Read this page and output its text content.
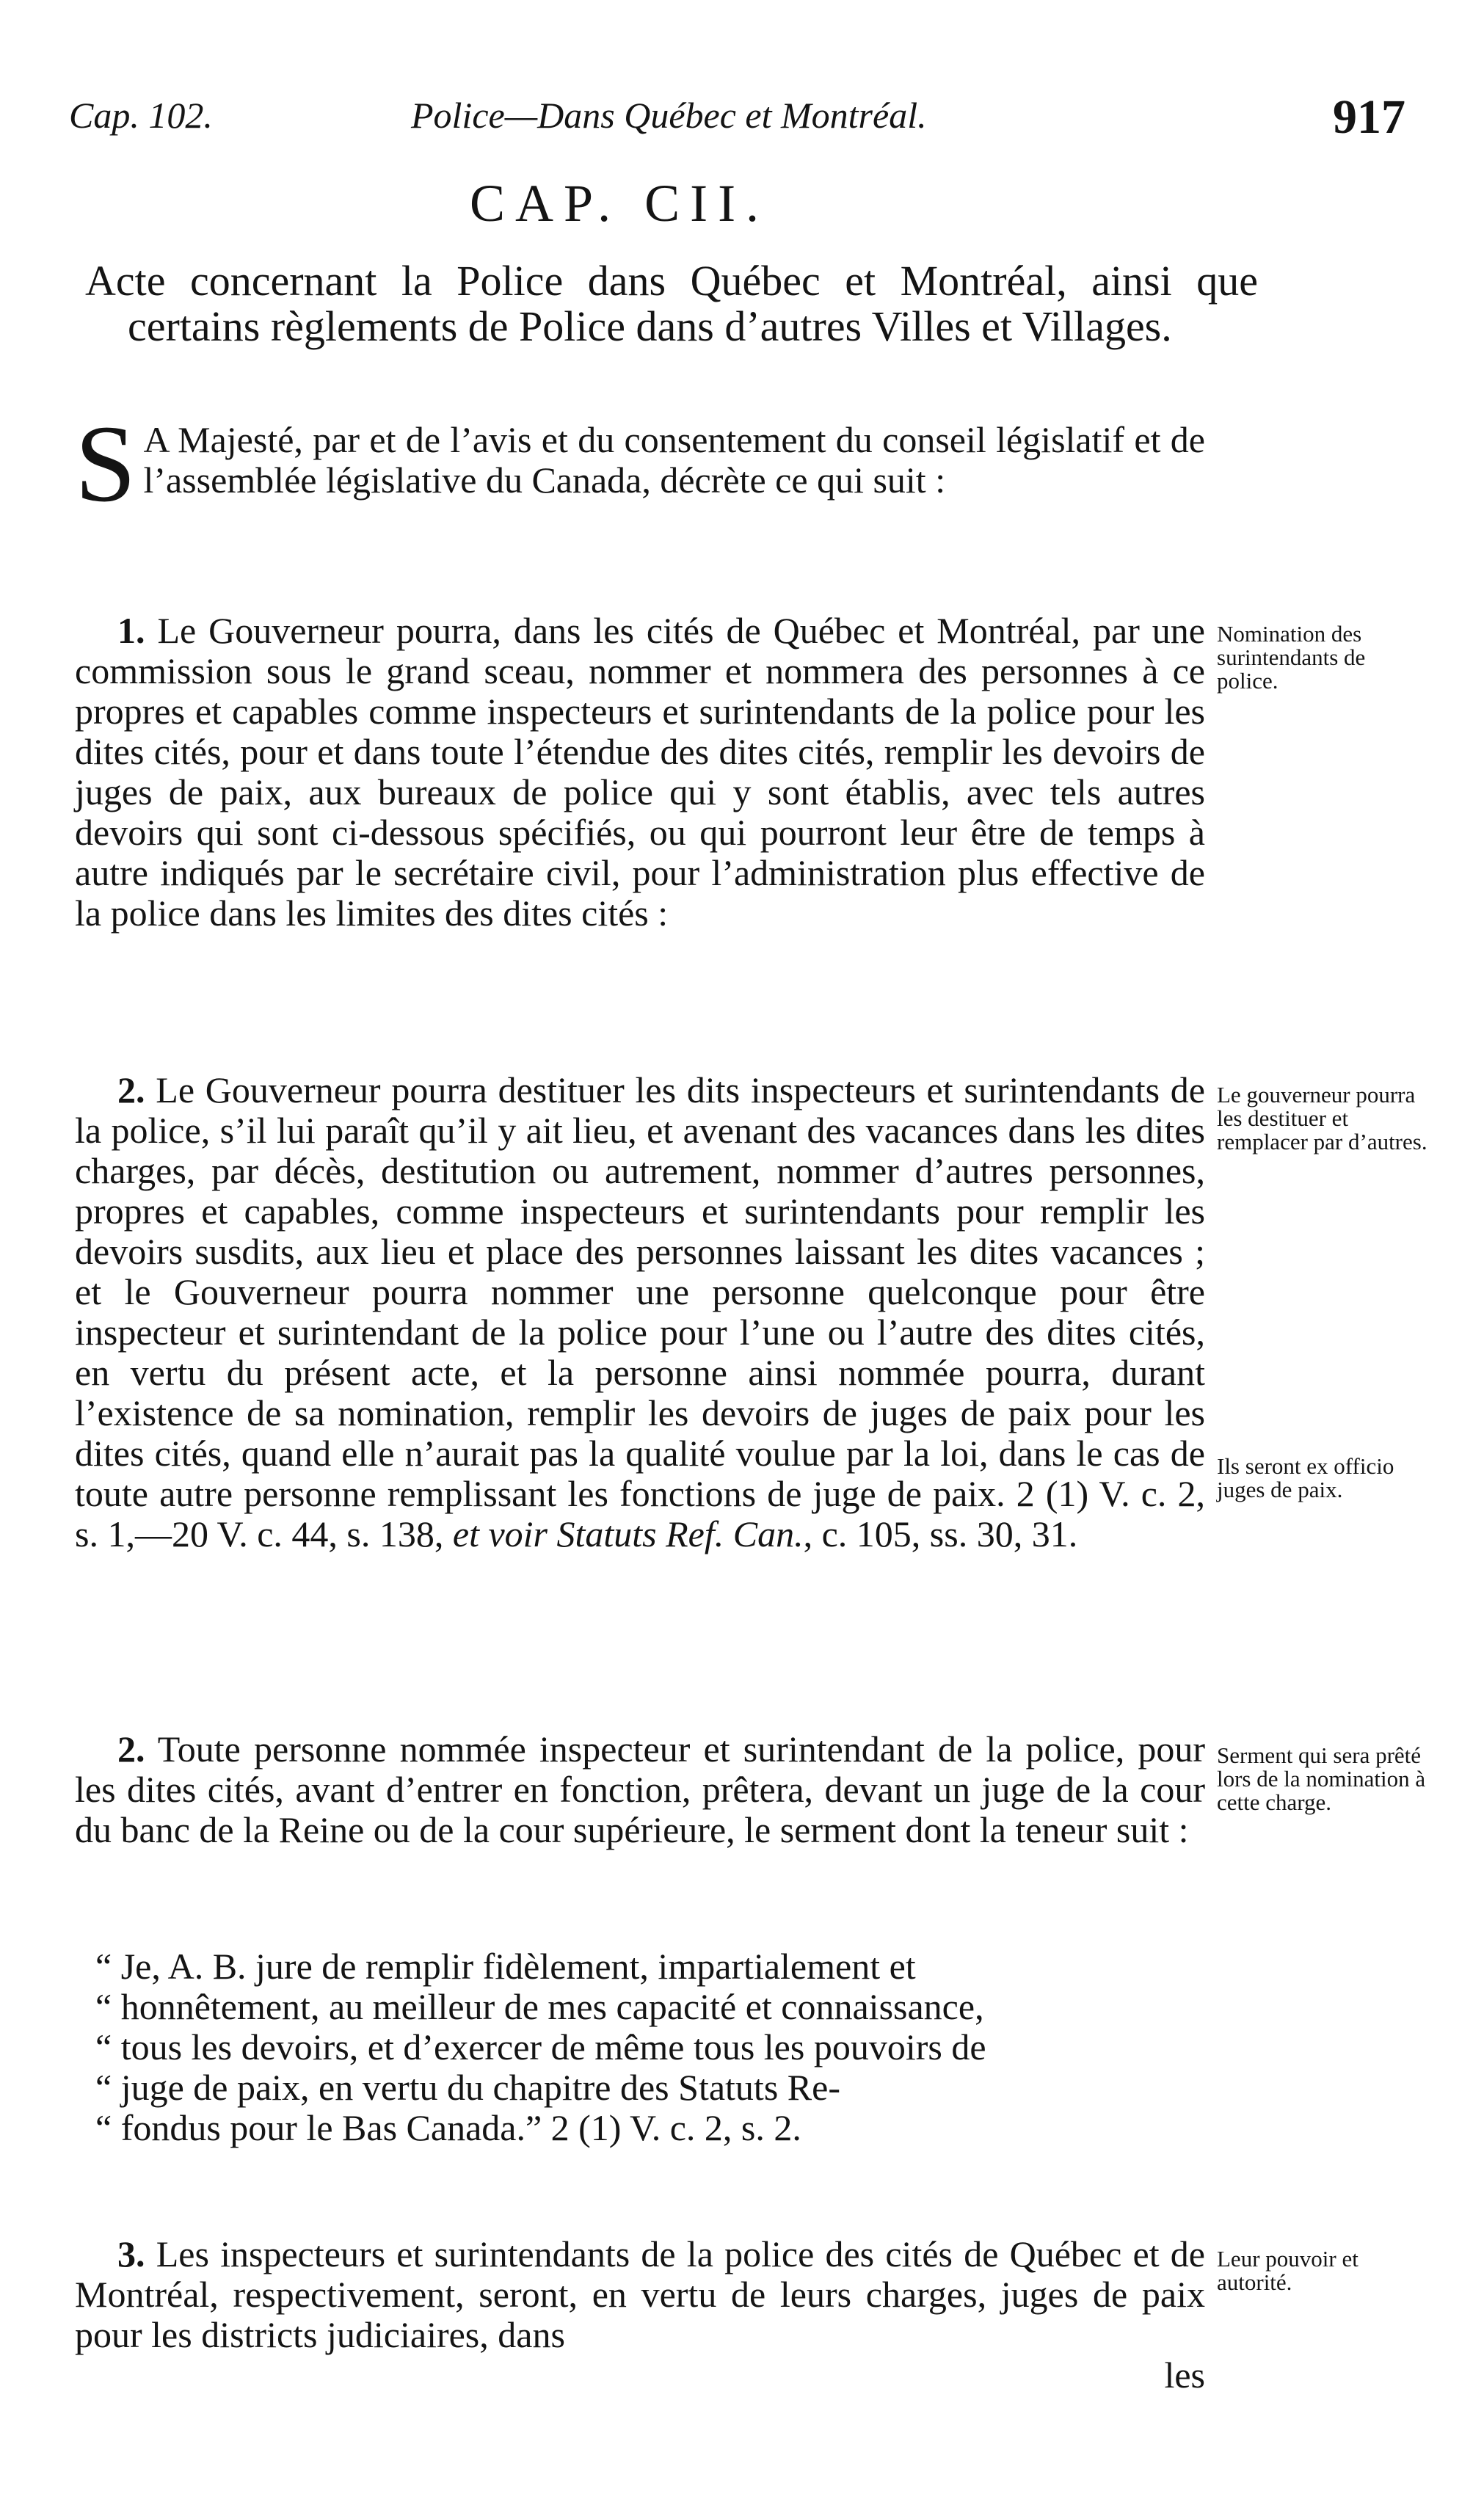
Cap. 102.	Police—Dans Québec et Montréal.	917
CAP. CII.
Acte concernant la Police dans Québec et Montréal, ainsi que certains règlements de Police dans d’autres Villes et Villages.

S A Majesté, par et de l’avis et du consentement du conseil législatif et de l’assemblée législative du Canada, décrète ce qui suit :

1. Le Gouverneur pourra, dans les cités de Québec et Montréal, par une commission sous le grand sceau, nommer et nommera des personnes à ce propres et capables comme inspecteurs et surintendants de la police pour les dites cités, pour et dans toute l’étendue des dites cités, remplir les devoirs de juges de paix, aux bureaux de police qui y sont établis, avec tels autres devoirs qui sont ci-dessous spécifiés, ou qui pourront leur être de temps à autre indiqués par le secrétaire civil, pour l’administration plus effective de la police dans les limites des dites cités :

Nomination des surintendants de police.

2. Le Gouverneur pourra destituer les dits inspecteurs et surintendants de la police, s’il lui paraît qu’il y ait lieu, et avenant des vacances dans les dites charges, par décès, destitution ou autrement, nommer d’autres personnes, propres et capables, comme inspecteurs et surintendants pour remplir les devoirs susdits, aux lieu et place des personnes laissant les dites vacances ; et le Gouverneur pourra nommer une personne quelconque pour être inspecteur et surintendant de la police pour l’une ou l’autre des dites cités, en vertu du présent acte, et la personne ainsi nommée pourra, durant l’existence de sa nomination, remplir les devoirs de juges de paix pour les dites cités, quand elle n’aurait pas la qualité voulue par la loi, dans le cas de toute autre personne remplissant les fonctions de juge de paix. 2 (1) V. c. 2, s. 1,—20 V. c. 44, s. 138, et voir Statuts Ref. Can., c. 105, ss. 30, 31.

Le gouverneur pourra les destituer et remplacer par d’autres.
Ils seront ex officio juges de paix.

2. Toute personne nommée inspecteur et surintendant de la police, pour les dites cités, avant d’entrer en fonction, prêtera, devant un juge de la cour du banc de la Reine ou de la cour supérieure, le serment dont la teneur suit :

Serment qui sera prêté lors de la nomination à cette charge.

“ Je, A. B. jure de remplir fidèlement, impartialement et

“ honnêtement, au meilleur de mes capacité et connaissance,

“ tous les devoirs, et d’exercer de même tous les pouvoirs de

“ juge de paix, en vertu du chapitre des Statuts Re-

“ fondus pour le Bas Canada.” 2 (1) V. c. 2, s. 2.

3. Les inspecteurs et surintendants de la police des cités de Québec et de Montréal, respectivement, seront, en vertu de leurs charges, juges de paix pour les districts judiciaires, dans

les

Leur pouvoir et autorité.
